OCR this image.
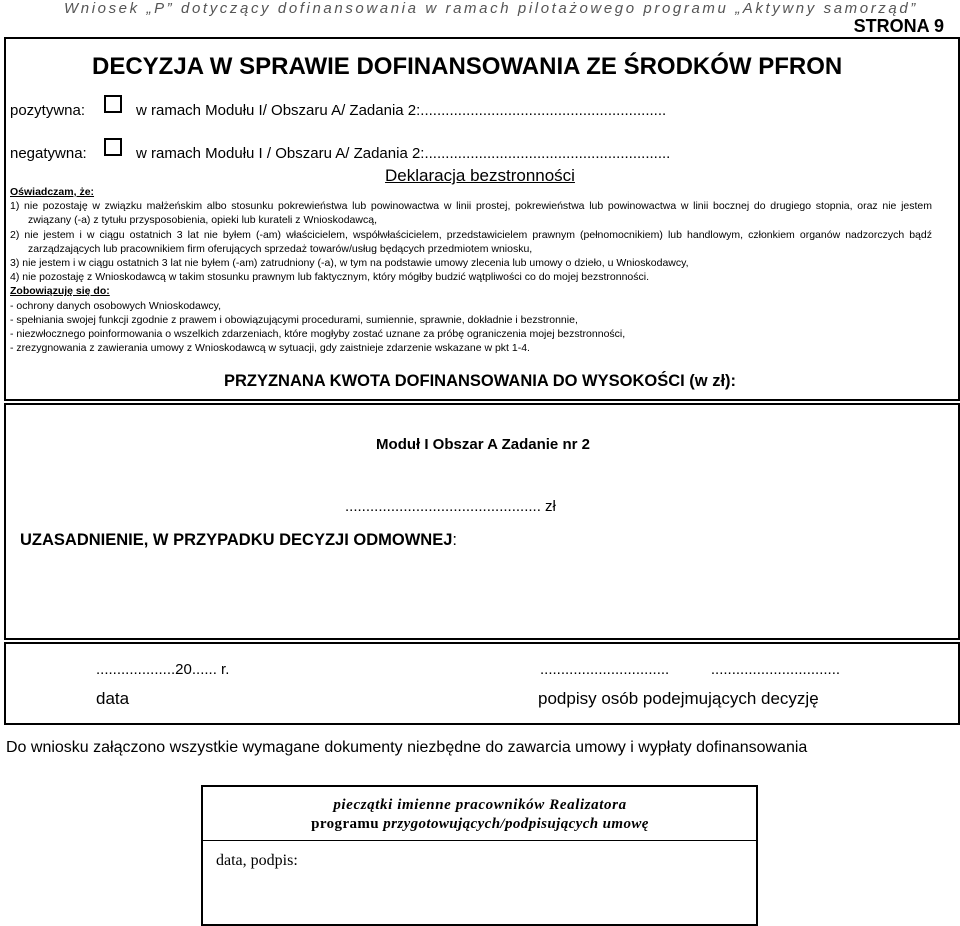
Wniosek „P” dotyczący dofinansowania w ramach pilotażowego programu „Aktywny samorząd”
STRONA 9
DECYZJA W SPRAWIE DOFINANSOWANIA ZE ŚRODKÓW PFRON
pozytywna:	w ramach Modułu I/ Obszaru A/ Zadania 2:...........................................................
negatywna:	w ramach Modułu I / Obszaru A/ Zadania 2:...........................................................
Deklaracja bezstronności

Oświadczam, że:

1) nie pozostaję w związku małżeńskim albo stosunku pokrewieństwa lub powinowactwa w linii prostej, pokrewieństwa lub powinowactwa w linii bocznej do drugiego stopnia, oraz nie jestem związany (-a) z tytułu przysposobienia, opieki lub kurateli z Wnioskodawcą,

2) nie jestem i w ciągu ostatnich 3 lat nie byłem (-am) właścicielem, współwłaścicielem, przedstawicielem prawnym (pełnomocnikiem) lub handlowym, członkiem organów nadzorczych bądź zarządzających lub pracownikiem firm oferujących sprzedaż towarów/usług będących przedmiotem wniosku,

3) nie jestem i w ciągu ostatnich 3 lat nie byłem (-am) zatrudniony (-a), w tym na podstawie umowy zlecenia lub umowy o dzieło, u Wnioskodawcy,

4) nie pozostaję z Wnioskodawcą w takim stosunku prawnym lub faktycznym, który mógłby budzić wątpliwości co do mojej bezstronności.

Zobowiązuję się do:

- ochrony danych osobowych Wnioskodawcy,

- spełniania swojej funkcji zgodnie z prawem i obowiązującymi procedurami, sumiennie, sprawnie, dokładnie i bezstronnie,

- niezwłocznego poinformowania o wszelkich zdarzeniach, które mogłyby zostać uznane za próbę ograniczenia mojej bezstronności,

- zrezygnowania z zawierania umowy z Wnioskodawcą w sytuacji, gdy zaistnieje zdarzenie wskazane w pkt 1-4.

PRZYZNANA KWOTA DOFINANSOWANIA DO WYSOKOŚCI (w zł):
Moduł I Obszar A Zadanie nr 2
............................................... zł
UZASADNIENIE, W PRZYPADKU DECYZJI ODMOWNEJ:
...................20...... r.	...............................          ...............................
data	podpisy osób podejmujących decyzję
Do wniosku załączono wszystkie wymagane dokumenty niezbędne do zawarcia umowy i wypłaty dofinansowania
pieczątki imienne pracowników Realizatora
programu przygotowujących/podpisujących umowę
data, podpis:
